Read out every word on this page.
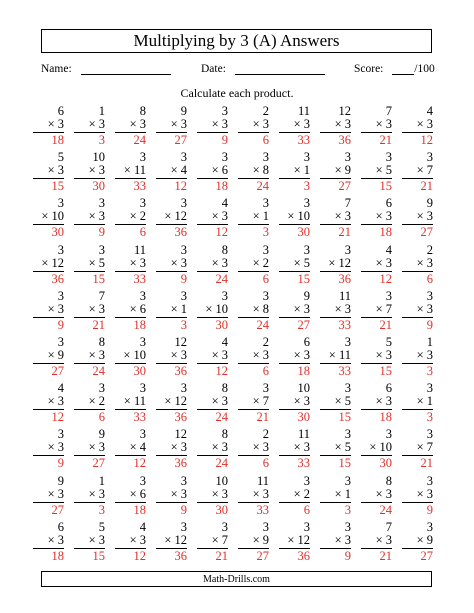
Multiplying by 3 (A) Answers
Name:	Date:	Score:	/100
Calculate each product.
6
× 3
18
1
× 3
3
8
× 3
24
9
× 3
27
3
× 3
9
2
× 3
6
11
× 3
33
12
× 3
36
7
× 3
21
4
× 3
12
5
× 3
15
10
× 3
30
3
× 11
33
3
× 4
12
3
× 6
18
3
× 8
24
3
× 1
3
3
× 9
27
3
× 5
15
3
× 7
21
3
× 10
30
3
× 3
9
3
× 2
6
3
× 12
36
4
× 3
12
3
× 1
3
3
× 10
30
7
× 3
21
6
× 3
18
9
× 3
27
3
× 12
36
3
× 5
15
11
× 3
33
3
× 3
9
8
× 3
24
3
× 2
6
3
× 5
15
3
× 12
36
4
× 3
12
2
× 3
6
3
× 3
9
7
× 3
21
3
× 6
18
3
× 1
3
3
× 10
30
3
× 8
24
9
× 3
27
11
× 3
33
3
× 7
21
3
× 3
9
3
× 9
27
8
× 3
24
3
× 10
30
12
× 3
36
4
× 3
12
2
× 3
6
6
× 3
18
3
× 11
33
5
× 3
15
1
× 3
3
4
× 3
12
3
× 2
6
3
× 11
33
3
× 12
36
8
× 3
24
3
× 7
21
10
× 3
30
3
× 5
15
6
× 3
18
3
× 1
3
3
× 3
9
9
× 3
27
3
× 4
12
12
× 3
36
8
× 3
24
2
× 3
6
11
× 3
33
3
× 5
15
3
× 10
30
3
× 7
21
9
× 3
27
1
× 3
3
3
× 6
18
3
× 3
9
10
× 3
30
11
× 3
33
3
× 2
6
3
× 1
3
8
× 3
24
3
× 3
9
6
× 3
18
5
× 3
15
4
× 3
12
3
× 12
36
3
× 7
21
3
× 9
27
3
× 12
36
3
× 3
9
7
× 3
21
3
× 9
27
Math-Drills.com
